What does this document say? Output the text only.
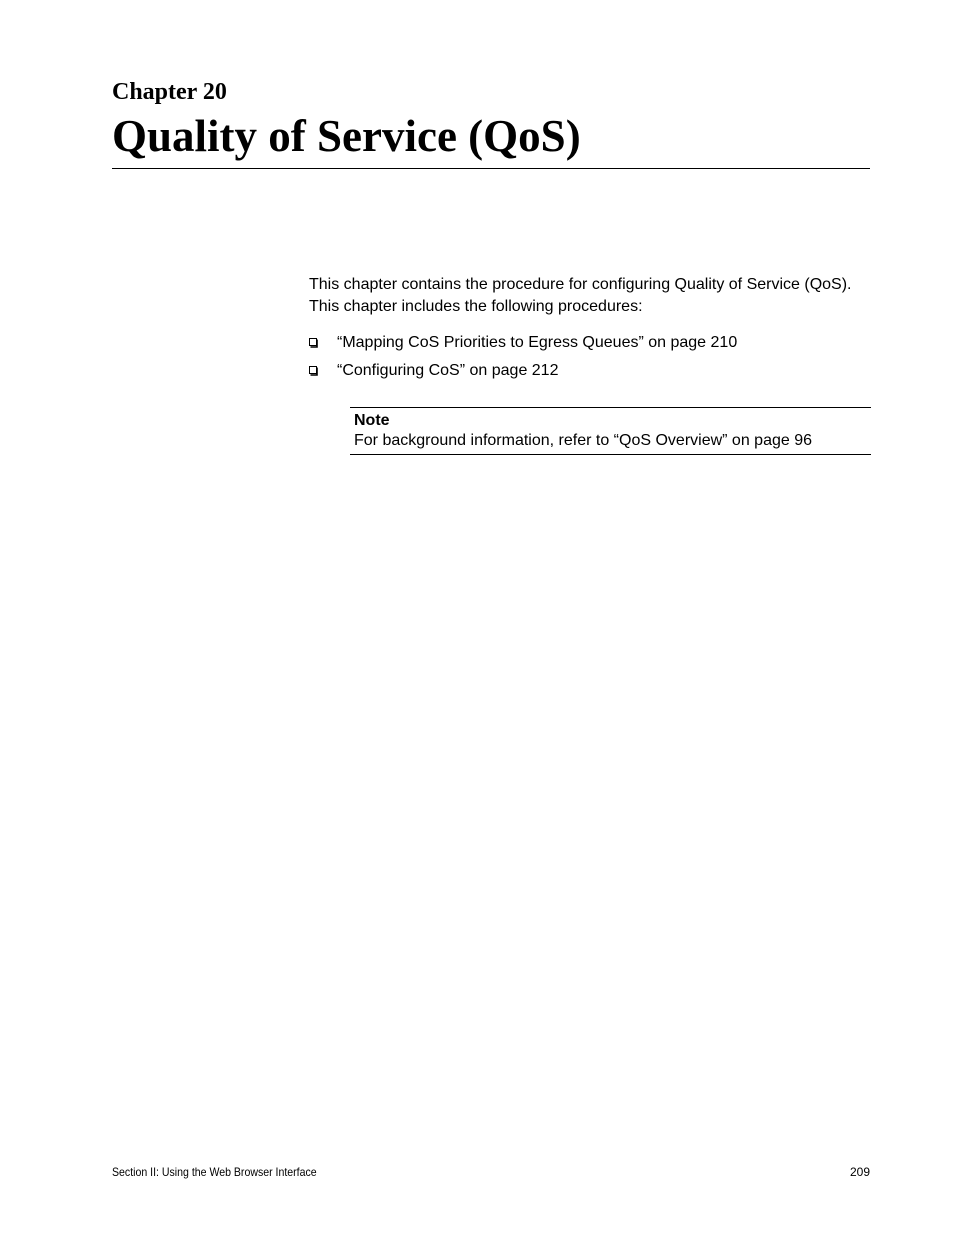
Chapter 20
Quality of Service (QoS)

This chapter contains the procedure for configuring Quality of Service (QoS). This chapter includes the following procedures:

“Mapping CoS Priorities to Egress Queues” on page 210
“Configuring CoS” on page 212
Note
For background information, refer to “QoS Overview” on page 96
Section II: Using the Web Browser Interface	209
